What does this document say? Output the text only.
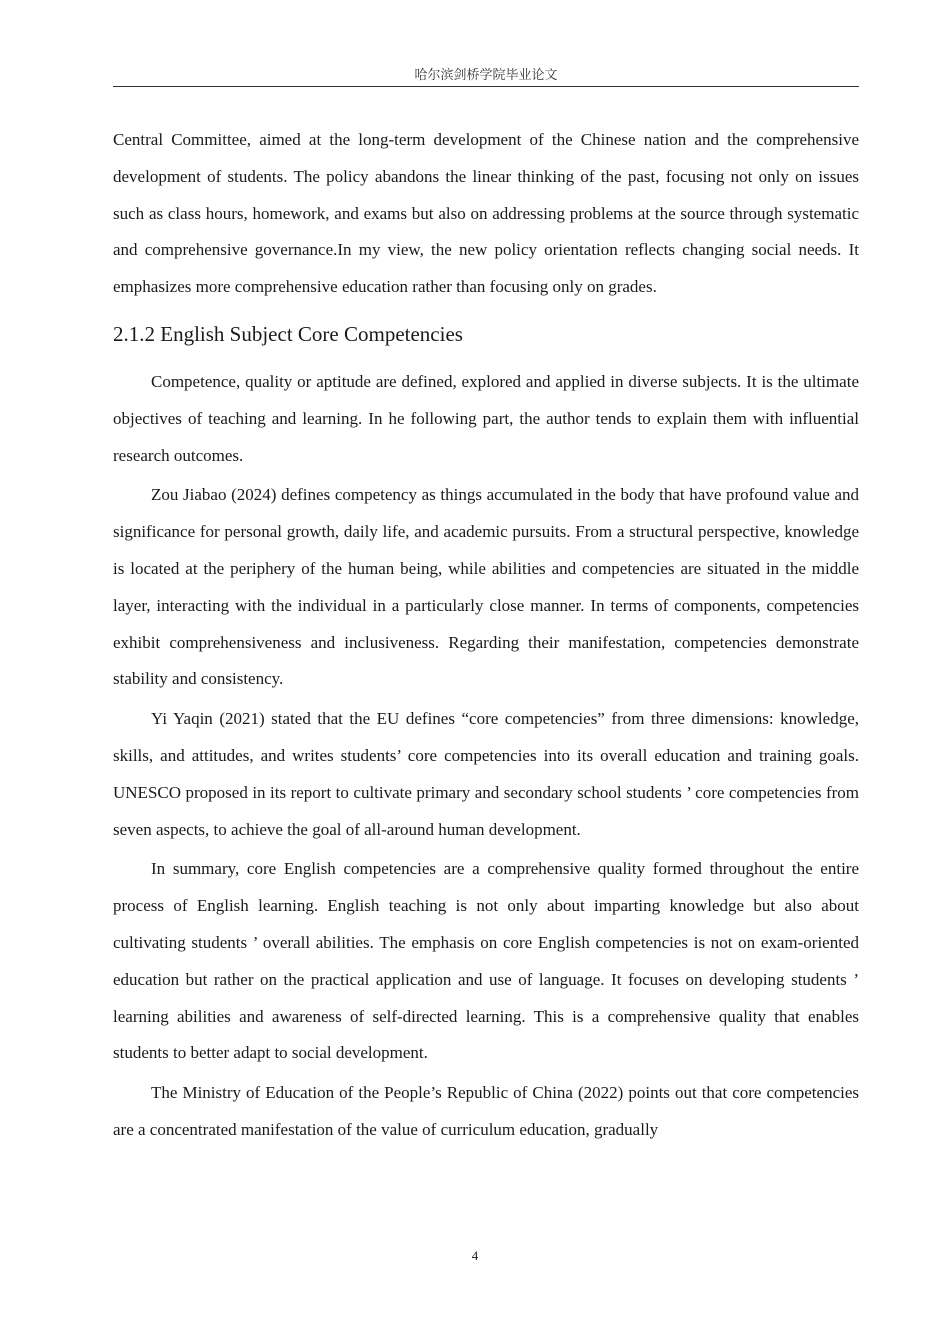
哈尔滨剑桥学院毕业论文

Central Committee, aimed at the long-term development of the Chinese nation and the comprehensive development of students. The policy abandons the linear thinking of the past, focusing not only on issues such as class hours, homework, and exams but also on addressing problems at the source through systematic and comprehensive governance.In my view, the new policy orientation reflects changing social needs. It emphasizes more comprehensive education rather than focusing only on grades.

2.1.2 English Subject Core Competencies

Competence, quality or aptitude are defined, explored and applied in diverse subjects. It is the ultimate objectives of teaching and learning. In he following part, the author tends to explain them with influential research outcomes.

Zou Jiabao (2024) defines competency as things accumulated in the body that have profound value and significance for personal growth, daily life, and academic pursuits. From a structural perspective, knowledge is located at the periphery of the human being, while abilities and competencies are situated in the middle layer, interacting with the individual in a particularly close manner. In terms of components, competencies exhibit comprehensiveness and inclusiveness. Regarding their manifestation, competencies demonstrate stability and consistency.

Yi Yaqin (2021) stated that the EU defines “core competencies” from three dimensions: knowledge, skills, and attitudes, and writes students’ core competencies into its overall education and training goals. UNESCO proposed in its report to cultivate primary and secondary school students ’ core competencies from seven aspects, to achieve the goal of all-around human development.

In summary, core English competencies are a comprehensive quality formed throughout the entire process of English learning. English teaching is not only about imparting knowledge but also about cultivating students ’ overall abilities. The emphasis on core English competencies is not on exam-oriented education but rather on the practical application and use of language. It focuses on developing students ’ learning abilities and awareness of self-directed learning. This is a comprehensive quality that enables students to better adapt to social development.

The Ministry of Education of the People’s Republic of China (2022) points out that core competencies are a concentrated manifestation of the value of curriculum education, gradually

4
